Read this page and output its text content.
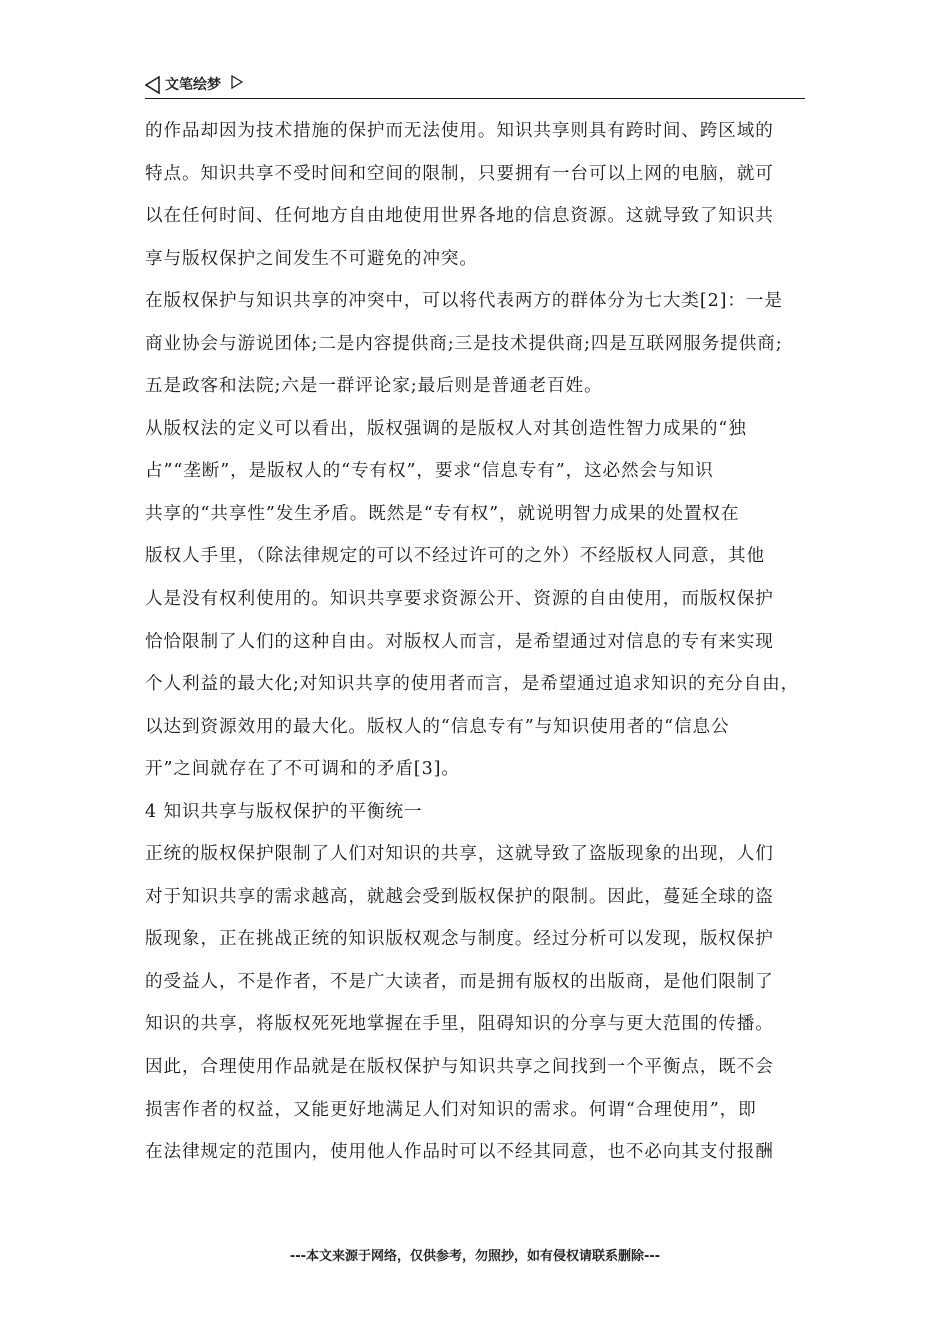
文笔绘梦
的作品却因为技术措施的保护而无法使用。知识共享则具有跨时间、跨区域的
特点。知识共享不受时间和空间的限制，只要拥有一台可以上网的电脑，就可
以在任何时间、任何地方自由地使用世界各地的信息资源。这就导致了知识共
享与版权保护之间发生不可避免的冲突。
在版权保护与知识共享的冲突中，可以将代表两方的群体分为七大类[2]：一是
商业协会与游说团体;二是内容提供商;三是技术提供商;四是互联网服务提供商;
五是政客和法院;六是一群评论家;最后则是普通老百姓。
从版权法的定义可以看出，版权强调的是版权人对其创造性智力成果的“独
占”“垄断”，是版权人的“专有权”，要求“信息专有”，这必然会与知识
共享的“共享性”发生矛盾。既然是“专有权”，就说明智力成果的处置权在
版权人手里，（除法律规定的可以不经过许可的之外）不经版权人同意，其他
人是没有权利使用的。知识共享要求资源公开、资源的自由使用，而版权保护
恰恰限制了人们的这种自由。对版权人而言，是希望通过对信息的专有来实现
个人利益的最大化;对知识共享的使用者而言，是希望通过追求知识的充分自由，
以达到资源效用的最大化。版权人的“信息专有”与知识使用者的“信息公
开”之间就存在了不可调和的矛盾[3]。
4 知识共享与版权保护的平衡统一
正统的版权保护限制了人们对知识的共享，这就导致了盗版现象的出现，人们
对于知识共享的需求越高，就越会受到版权保护的限制。因此，蔓延全球的盗
版现象，正在挑战正统的知识版权观念与制度。经过分析可以发现，版权保护
的受益人，不是作者，不是广大读者，而是拥有版权的出版商，是他们限制了
知识的共享，将版权死死地掌握在手里，阻碍知识的分享与更大范围的传播。
因此，合理使用作品就是在版权保护与知识共享之间找到一个平衡点，既不会
损害作者的权益，又能更好地满足人们对知识的需求。何谓“合理使用”，即
在法律规定的范围内，使用他人作品时可以不经其同意，也不必向其支付报酬
---本文来源于网络，仅供参考，勿照抄，如有侵权请联系删除---
